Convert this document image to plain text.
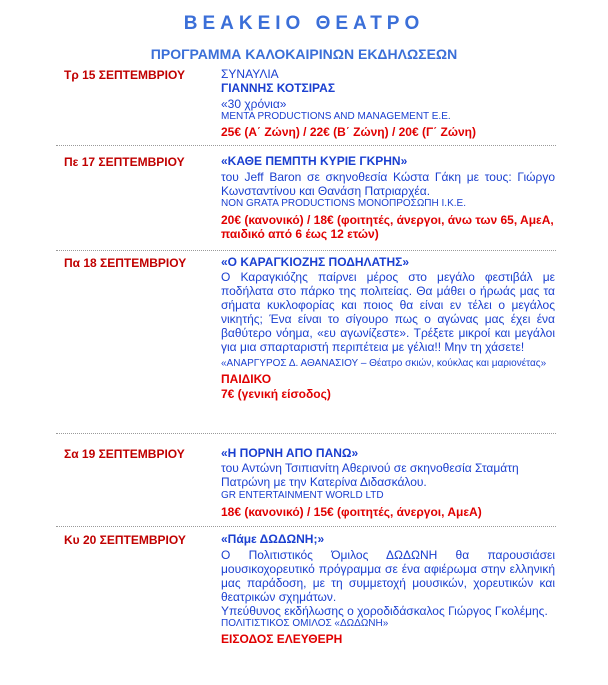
ΒΕΑΚΕΙΟ ΘΕΑΤΡΟ
ΠΡΟΓΡΑΜΜΑ ΚΑΛΟΚΑΙΡΙΝΩΝ ΕΚΔΗΛΩΣΕΩΝ
Τρ 15 ΣΕΠΤΕΜΒΡΙΟΥ	ΣΥΝΑΥΛΙΑ
ΓΙΑΝΝΗΣ ΚΟΤΣΙΡΑΣ
«30 χρόνια»
MENTA PRODUCTIONS AND MANAGEMENT E.E.
25€ (Α΄ Ζώνη) / 22€ (Β΄ Ζώνη) / 20€ (Γ΄ Ζώνη)
Πε 17 ΣΕΠΤΕΜΒΡΙΟΥ	«ΚΑΘΕ ΠΕΜΠΤΗ ΚΥΡΙΕ ΓΚΡΗΝ»
του Jeff Baron σε σκηνοθεσία Κώστα Γάκη με τους: Γιώργο Κωνσταντίνου και Θανάση Πατριαρχέα.
NON GRATA PRODUCTIONS ΜΟΝΟΠΡΟΣΩΠΗ Ι.Κ.Ε.
20€ (κανονικό) / 18€ (φοιτητές, άνεργοι, άνω των 65, ΑμεΑ, παιδικό από 6 έως 12 ετών)
Πα 18 ΣΕΠΤΕΜΒΡΙΟΥ	«Ο ΚΑΡΑΓΚΙΟΖΗΣ ΠΟΔΗΛΑΤΗΣ»
Ο Καραγκιόζης παίρνει μέρος στο μεγάλο φεστιβάλ με ποδήλατα στο πάρκο της πολιτείας. Θα μάθει ο ήρωάς μας τα σήματα κυκλοφορίας και ποιος θα είναι εν τέλει ο μεγάλος νικητής; Ένα είναι το σίγουρο πως ο αγώνας μας έχει ένα βαθύτερο νόημα, «ευ αγωνίζεστε». Τρέξετε μικροί και μεγάλοι για μια σπαρταριστή περιπέτεια με γέλια!! Μην τη χάσετε!
«ΑΝΑΡΓΥΡΟΣ Δ. ΑΘΑΝΑΣΙΟΥ – Θέατρο σκιών, κούκλας και μαριονέτας»
ΠΑΙΔΙΚΟ
7€ (γενική είσοδος)
Σα 19 ΣΕΠΤΕΜΒΡΙΟΥ	«Η ΠΟΡΝΗ ΑΠΟ ΠΑΝΩ»
του Αντώνη Τσιπιανίτη Αθερινού σε σκηνοθεσία Σταμάτη Πατρώνη με την Κατερίνα Διδασκάλου.
GR ENTERTAINMENT WORLD LTD
18€ (κανονικό) / 15€ (φοιτητές, άνεργοι, ΑμεΑ)
Κυ 20 ΣΕΠΤΕΜΒΡΙΟΥ	«Πάμε ΔΩΔΩΝΗ;»
Ο Πολιτιστικός Όμιλος ΔΩΔΩΝΗ θα παρουσιάσει μουσικοχορευτικό πρόγραμμα σε ένα αφιέρωμα στην ελληνική μας παράδοση, με τη συμμετοχή μουσικών, χορευτικών και θεατρικών σχημάτων.
Υπεύθυνος εκδήλωσης ο χοροδιδάσκαλος Γιώργος Γκολέμης.
ΠΟΛΙΤΙΣΤΙΚΟΣ ΟΜΙΛΟΣ «ΔΩΔΩΝΗ»
ΕΙΣΟΔΟΣ ΕΛΕΥΘΕΡΗ
